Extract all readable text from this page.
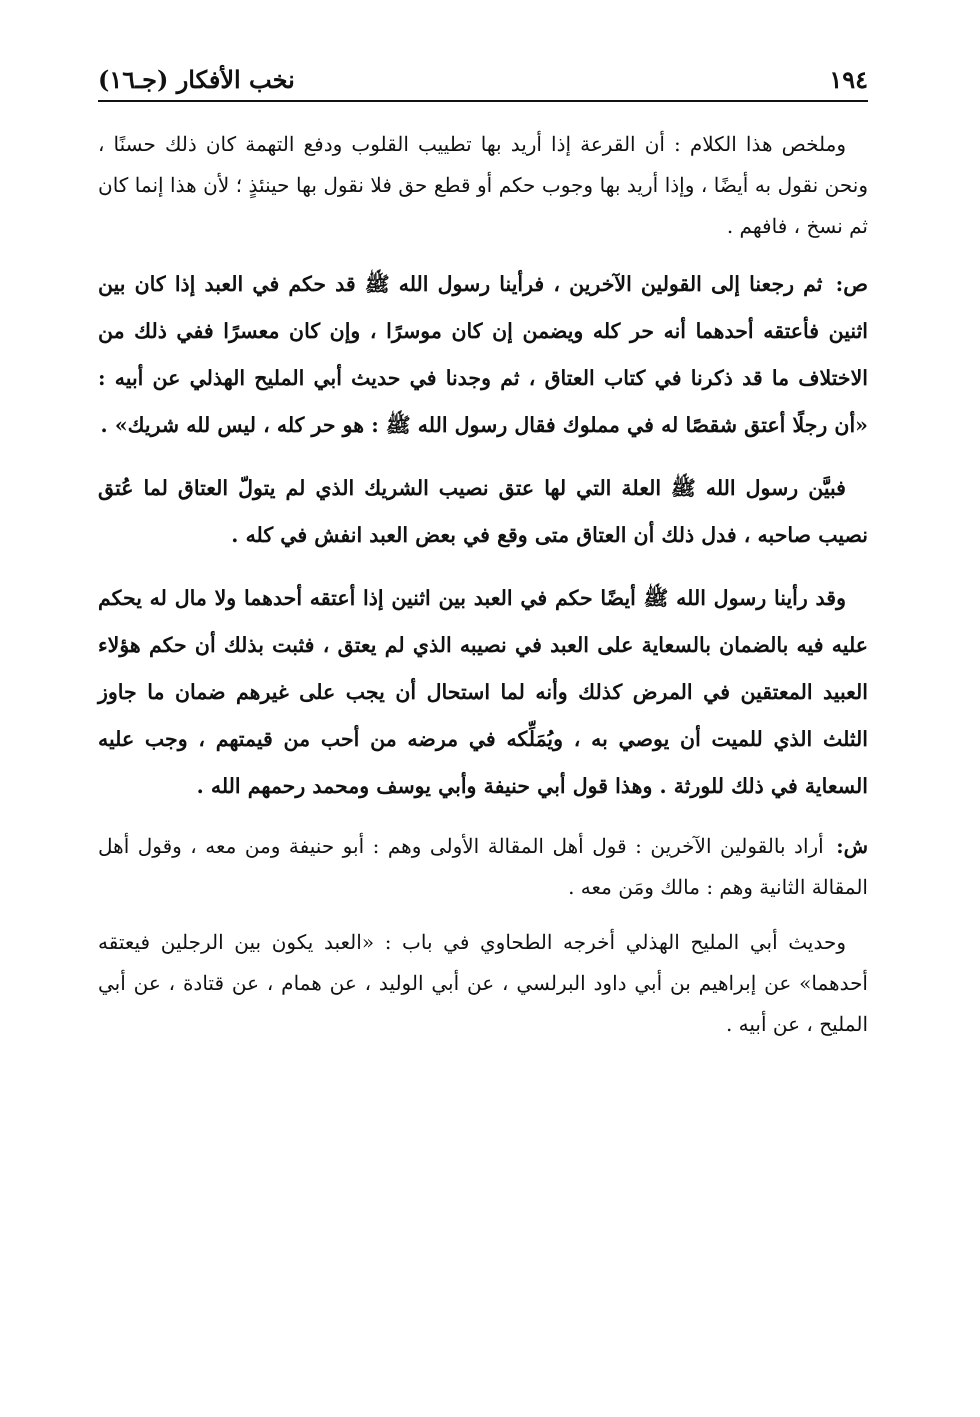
١٩٤
نخب الأفكار (جـ١٦)

وملخص هذا الكلام : أن القرعة إذا أريد بها تطييب القلوب ودفع التهمة كان ذلك حسنًا ، ونحن نقول به أيضًا ، وإذا أريد بها وجوب حكم أو قطع حق فلا نقول بها حينئذٍ ؛ لأن هذا إنما كان ثم نسخ ، فافهم .

ص: ثم رجعنا إلى القولين الآخرين ، فرأينا رسول الله ﷺ قد حكم في العبد إذا كان بين اثنين فأعتقه أحدهما أنه حر كله ويضمن إن كان موسرًا ، وإن كان معسرًا ففي ذلك من الاختلاف ما قد ذكرنا في كتاب العتاق ، ثم وجدنا في حديث أبي المليح الهذلي عن أبيه : «أن رجلًا أعتق شقصًا له في مملوك فقال رسول الله ﷺ : هو حر كله ، ليس لله شريك» .

فبيَّن رسول الله ﷺ العلة التي لها عتق نصيب الشريك الذي لم يتولّ العتاق لما عُتق نصيب صاحبه ، فدل ذلك أن العتاق متى وقع في بعض العبد انفش في كله .

وقد رأينا رسول الله ﷺ أيضًا حكم في العبد بين اثنين إذا أعتقه أحدهما ولا مال له يحكم عليه فيه بالضمان بالسعاية على العبد في نصيبه الذي لم يعتق ، فثبت بذلك أن حكم هؤلاء العبيد المعتقين في المرض كذلك وأنه لما استحال أن يجب على غيرهم ضمان ما جاوز الثلث الذي للميت أن يوصي به ، ويُمَلِّكه في مرضه من أحب من قيمتهم ، وجب عليه السعاية في ذلك للورثة . وهذا قول أبي حنيفة وأبي يوسف ومحمد رحمهم الله .

ش: أراد بالقولين الآخرين : قول أهل المقالة الأولى وهم : أبو حنيفة ومن معه ، وقول أهل المقالة الثانية وهم : مالك ومَن معه .

وحديث أبي المليح الهذلي أخرجه الطحاوي في باب : «العبد يكون بين الرجلين فيعتقه أحدهما» عن إبراهيم بن أبي داود البرلسي ، عن أبي الوليد ، عن همام ، عن قتادة ، عن أبي المليح ، عن أبيه .
